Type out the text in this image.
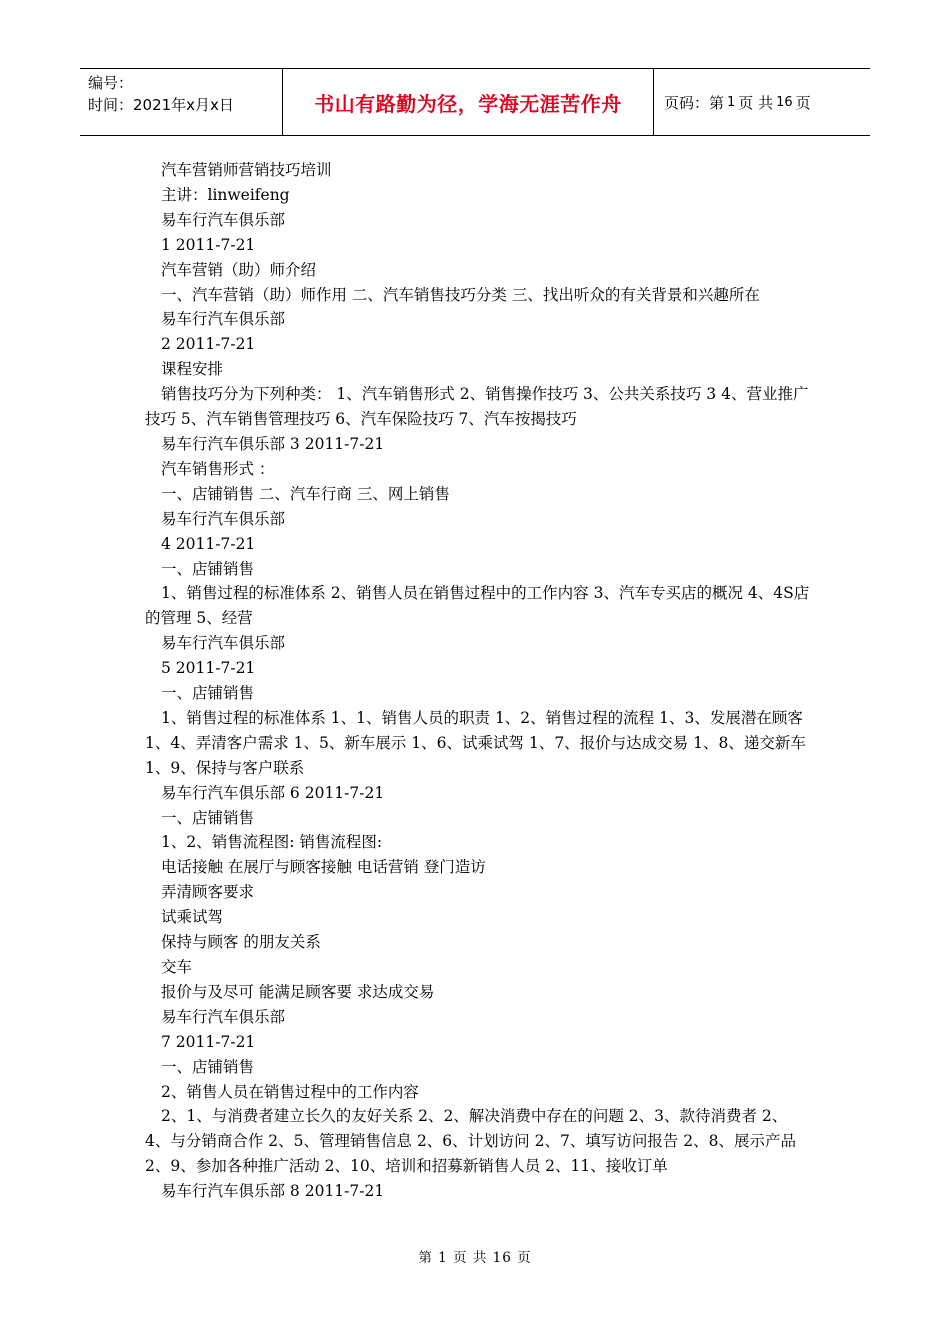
编号：
时间：2021年x月x日	书山有路勤为径，学海无涯苦作舟	页码：第 1 页 共 16 页

汽车营销师营销技巧培训

主讲：linweifeng

易车行汽车俱乐部

1 2011-7-21

汽车营销（助）师介绍

一、汽车营销（助）师作用 二、汽车销售技巧分类 三、找出听众的有关背景和兴趣所在

易车行汽车俱乐部

2 2011-7-21

课程安排

销售技巧分为下列种类： 1、汽车销售形式 2、销售操作技巧 3、公共关系技巧 3 4、营业推广技巧 5、汽车销售管理技巧 6、汽车保险技巧 7、汽车按揭技巧

易车行汽车俱乐部 3 2011-7-21

汽车销售形式 ：

一、店铺销售 二、汽车行商 三、网上销售

易车行汽车俱乐部

4 2011-7-21

一、店铺销售

1、销售过程的标准体系 2、销售人员在销售过程中的工作内容 3、汽车专买店的概况 4、4S店的管理 5、经营

易车行汽车俱乐部

5 2011-7-21

一、店铺销售

1、销售过程的标准体系 1、1、销售人员的职责 1、2、销售过程的流程 1、3、发展潜在顾客 1、4、弄清客户需求 1、5、新车展示 1、6、试乘试驾 1、7、报价与达成交易 1、8、递交新车 1、9、保持与客户联系

易车行汽车俱乐部 6 2011-7-21

一、店铺销售

1、2、销售流程图: 销售流程图:

电话接触 在展厅与顾客接触 电话营销 登门造访

弄清顾客要求

试乘试驾

保持与顾客 的朋友关系

交车

报价与及尽可 能满足顾客要 求达成交易

易车行汽车俱乐部

7 2011-7-21

一、店铺销售

2、销售人员在销售过程中的工作内容

2、1、与消费者建立长久的友好关系 2、2、解决消费中存在的问题 2、3、款待消费者 2、4、与分销商合作 2、5、管理销售信息 2、6、计划访问 2、7、填写访问报告 2、8、展示产品 2、9、参加各种推广活动 2、10、培训和招募新销售人员 2、11、接收订单

易车行汽车俱乐部 8 2011-7-21

第 1 页 共 16 页
